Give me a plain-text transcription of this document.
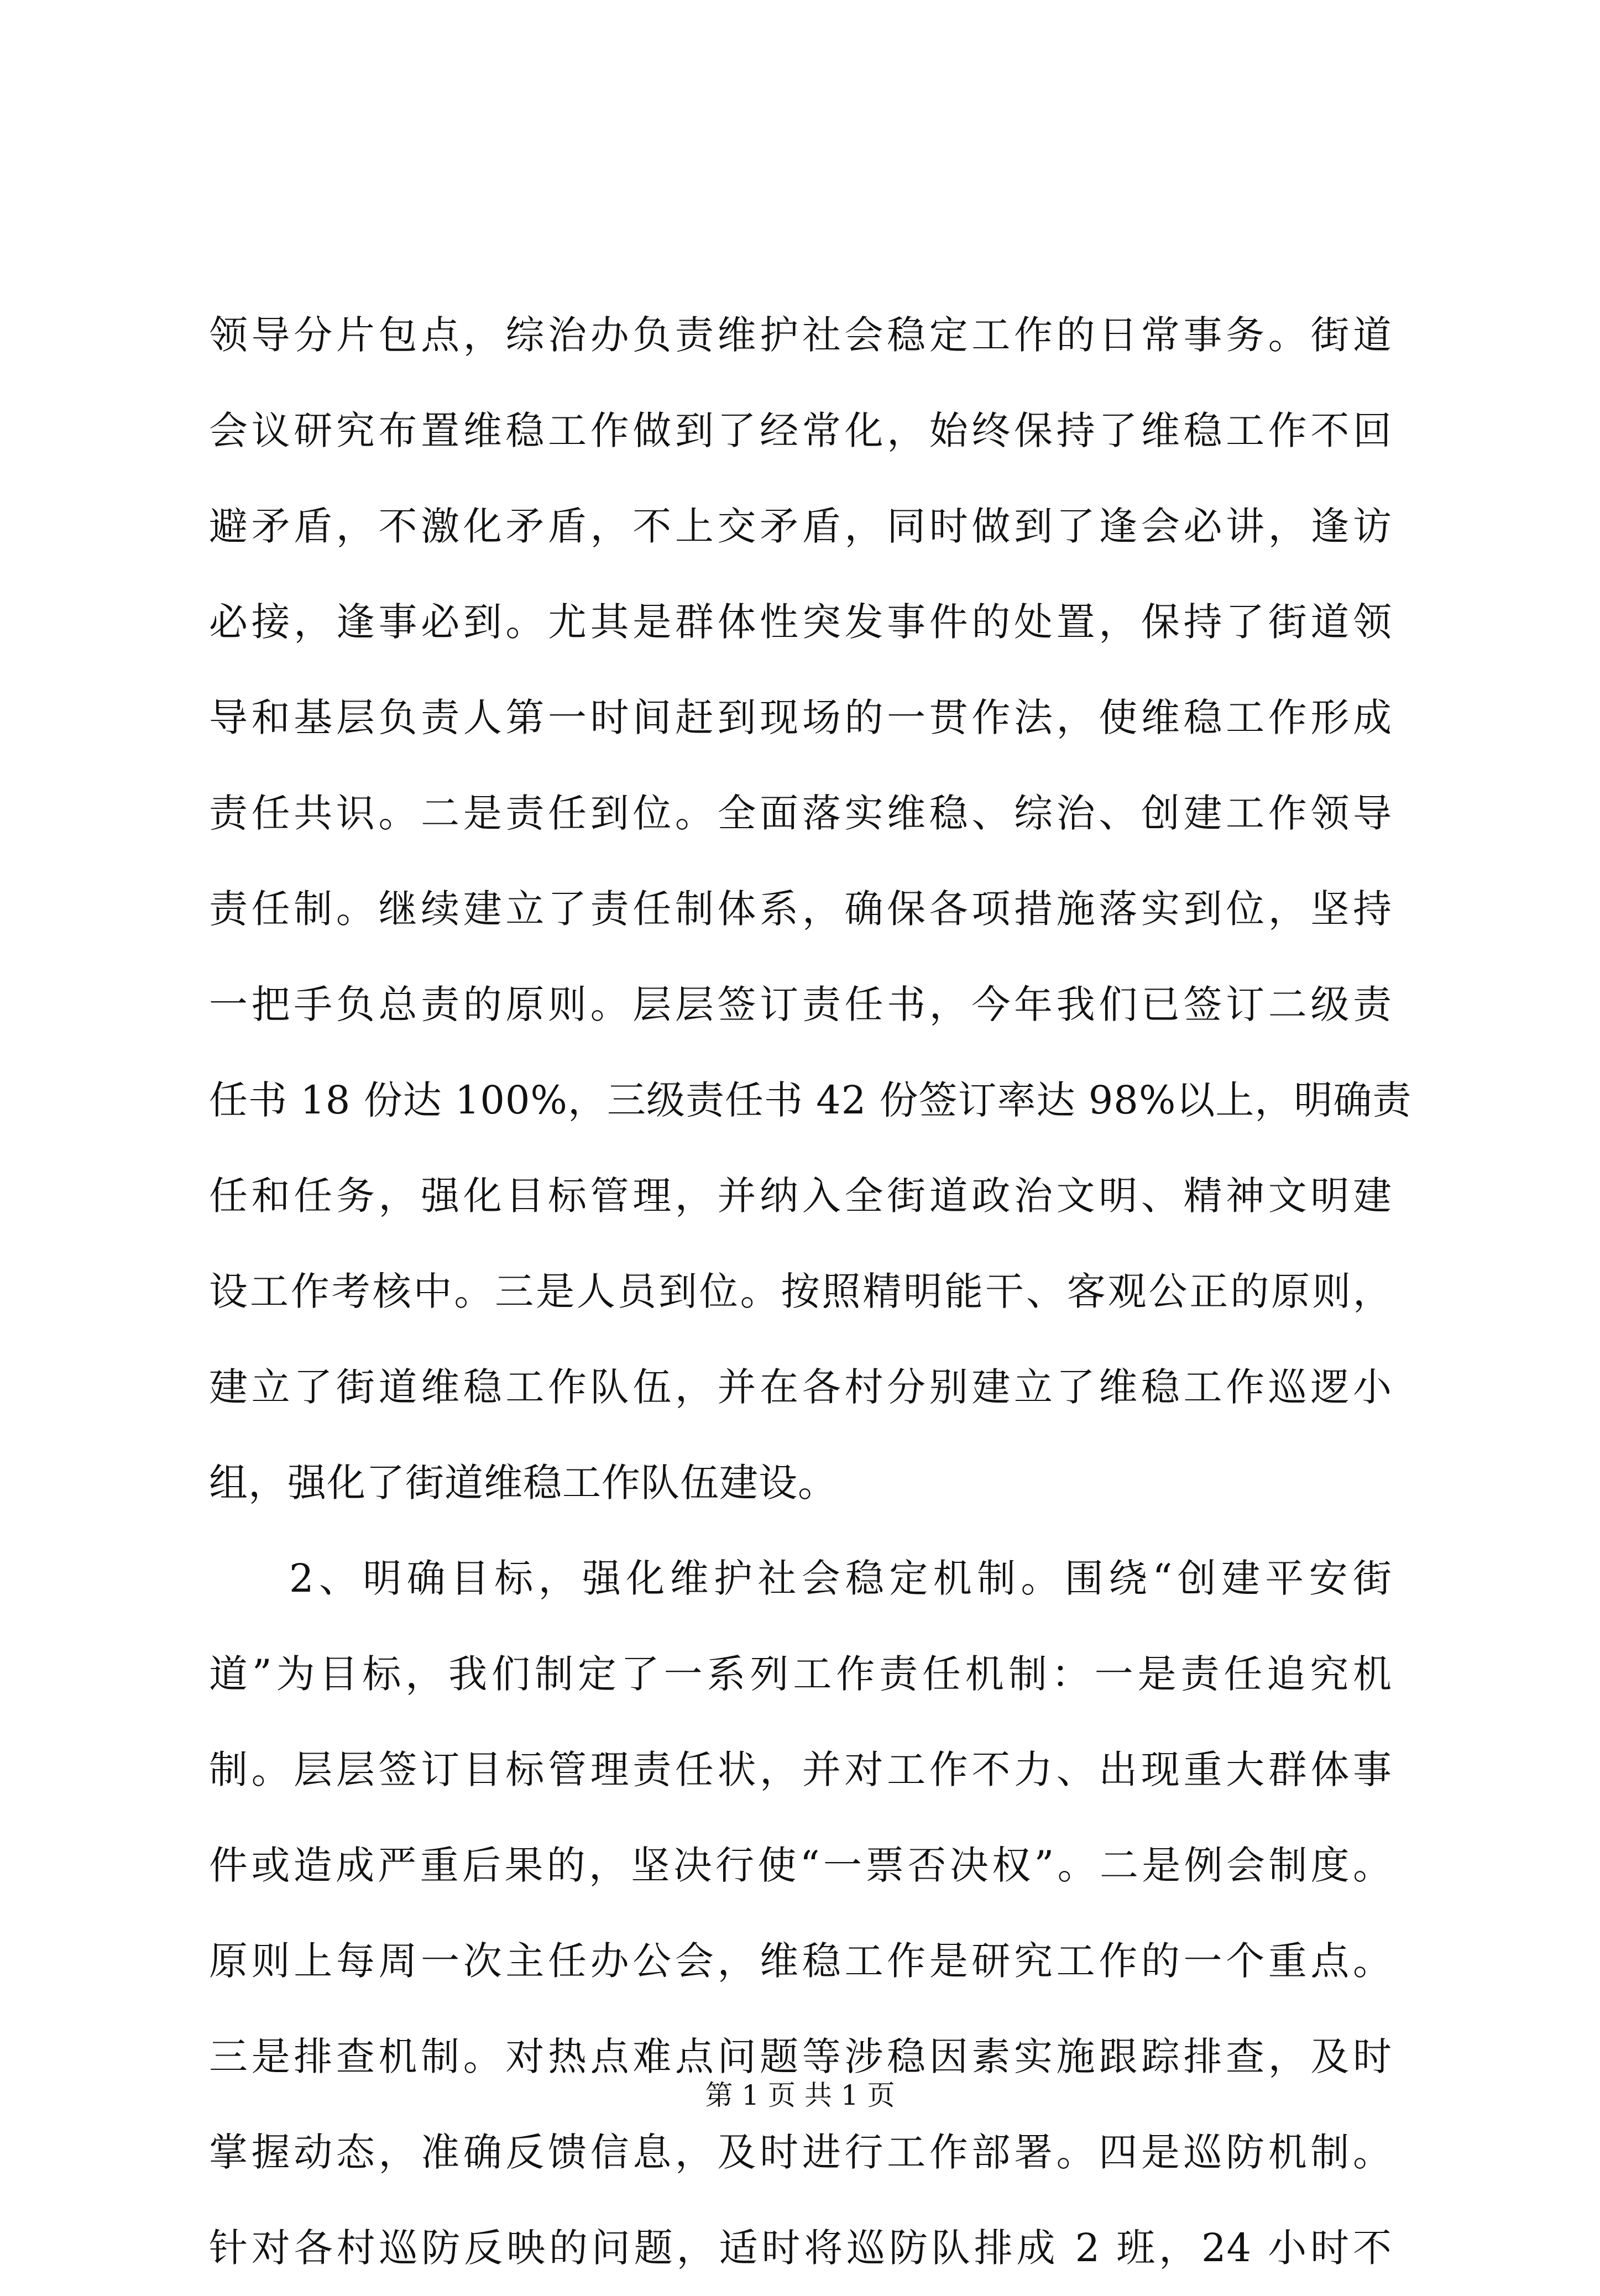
领导分片包点，综治办负责维护社会稳定工作的日常事务。街道
会议研究布置维稳工作做到了经常化，始终保持了维稳工作不回
避矛盾，不激化矛盾，不上交矛盾，同时做到了逢会必讲，逢访
必接，逢事必到。尤其是群体性突发事件的处置，保持了街道领
导和基层负责人第一时间赶到现场的一贯作法，使维稳工作形成
责任共识。二是责任到位。全面落实维稳、综治、创建工作领导
责任制。继续建立了责任制体系，确保各项措施落实到位，坚持
一把手负总责的原则。层层签订责任书，今年我们已签订二级责
任书 18 份达 100%，三级责任书 42 份签订率达 98%以上，明确责
任和任务，强化目标管理，并纳入全街道政治文明、精神文明建
设工作考核中。三是人员到位。按照精明能干、客观公正的原则，
建立了街道维稳工作队伍，并在各村分别建立了维稳工作巡逻小
组，强化了街道维稳工作队伍建设。
2、明确目标，强化维护社会稳定机制。围绕“创建平安街
道”为目标，我们制定了一系列工作责任机制：一是责任追究机
制。层层签订目标管理责任状，并对工作不力、出现重大群体事
件或造成严重后果的，坚决行使“一票否决权”。二是例会制度。
原则上每周一次主任办公会，维稳工作是研究工作的一个重点。
三是排查机制。对热点难点问题等涉稳因素实施跟踪排查，及时
掌握动态，准确反馈信息，及时进行工作部署。四是巡防机制。
针对各村巡防反映的问题，适时将巡防队排成 2 班，24 小时不
第 1 页 共 1 页
